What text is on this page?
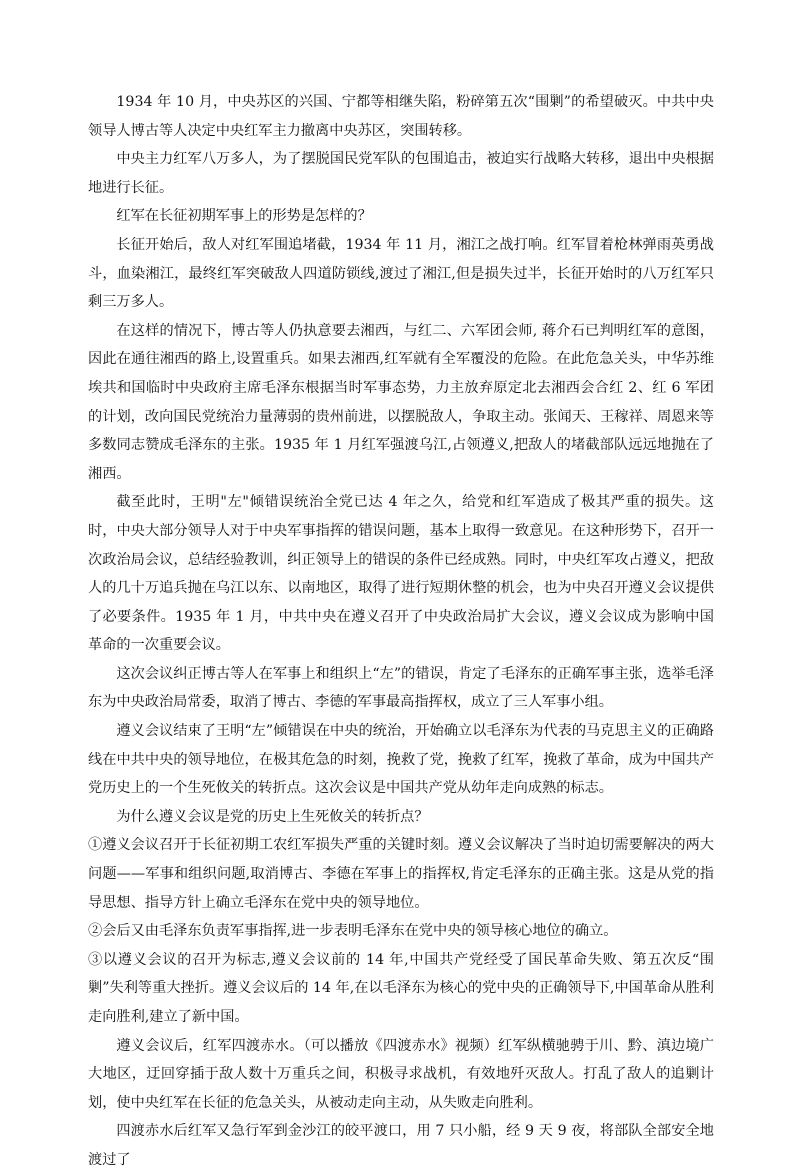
1934 年 10 月，中央苏区的兴国、宁都等相继失陷，粉碎第五次“围剿”的希望破灭。中共中央领导人博古等人决定中央红军主力撤离中央苏区，突围转移。

中央主力红军八万多人，为了摆脱国民党军队的包围追击，被迫实行战略大转移，退出中央根据地进行长征。

红军在长征初期军事上的形势是怎样的？

长征开始后，敌人对红军围追堵截，1934 年 11 月，湘江之战打响。红军冒着枪林弹雨英勇战斗，血染湘江，最终红军突破敌人四道防锁线,渡过了湘江,但是损失过半，长征开始时的八万红军只剩三万多人。

在这样的情况下，博古等人仍执意要去湘西，与红二、六军团会师, 蒋介石已判明红军的意图，因此在通往湘西的路上,设置重兵。如果去湘西,红军就有全军覆没的危险。在此危急关头，中华苏维埃共和国临时中央政府主席毛泽东根据当时军事态势，力主放弃原定北去湘西会合红 2、红 6 军团的计划，改向国民党统治力量薄弱的贵州前进，以摆脱敌人，争取主动。张闻天、王稼祥、周恩来等多数同志赞成毛泽东的主张。1935 年 1 月红军强渡乌江,占领遵义,把敌人的堵截部队远远地抛在了湘西。

截至此时，王明"左"倾错误统治全党已达 4 年之久，给党和红军造成了极其严重的损失。这时，中央大部分领导人对于中央军事指挥的错误问题，基本上取得一致意见。在这种形势下，召开一次政治局会议，总结经验教训，纠正领导上的错误的条件已经成熟。同时，中央红军攻占遵义，把敌人的几十万追兵抛在乌江以东、以南地区，取得了进行短期休整的机会，也为中央召开遵义会议提供了必要条件。1935 年 1 月，中共中央在遵义召开了中央政治局扩大会议，遵义会议成为影响中国革命的一次重要会议。

这次会议纠正博古等人在军事上和组织上“左”的错误，肯定了毛泽东的正确军事主张，选举毛泽东为中央政治局常委，取消了博古、李德的军事最高指挥权，成立了三人军事小组。

遵义会议结束了王明“左”倾错误在中央的统治，开始确立以毛泽东为代表的马克思主义的正确路线在中共中央的领导地位，在极其危急的时刻，挽救了党，挽救了红军，挽救了革命，成为中国共产党历史上的一个生死攸关的转折点。这次会议是中国共产党从幼年走向成熟的标志。

为什么遵义会议是党的历史上生死攸关的转折点？

①遵义会议召开于长征初期工农红军损失严重的关键时刻。遵义会议解决了当时迫切需要解决的两大问题——军事和组织问题,取消博古、李德在军事上的指挥权,肯定毛泽东的正确主张。这是从党的指导思想、指导方针上确立毛泽东在党中央的领导地位。

②会后又由毛泽东负责军事指挥,进一步表明毛泽东在党中央的领导核心地位的确立。

③以遵义会议的召开为标志,遵义会议前的 14 年,中国共产党经受了国民革命失败、第五次反“围剿”失利等重大挫折。遵义会议后的 14 年,在以毛泽东为核心的党中央的正确领导下,中国革命从胜利走向胜利,建立了新中国。

遵义会议后，红军四渡赤水。（可以播放《四渡赤水》视频）红军纵横驰骋于川、黔、滇边境广大地区，迂回穿插于敌人数十万重兵之间，积极寻求战机，有效地歼灭敌人。打乱了敌人的追剿计划，使中央红军在长征的危急关头，从被动走向主动，从失败走向胜利。

四渡赤水后红军又急行军到金沙江的皎平渡口，用 7 只小船，经 9 天 9 夜，将部队全部安全地渡过了
